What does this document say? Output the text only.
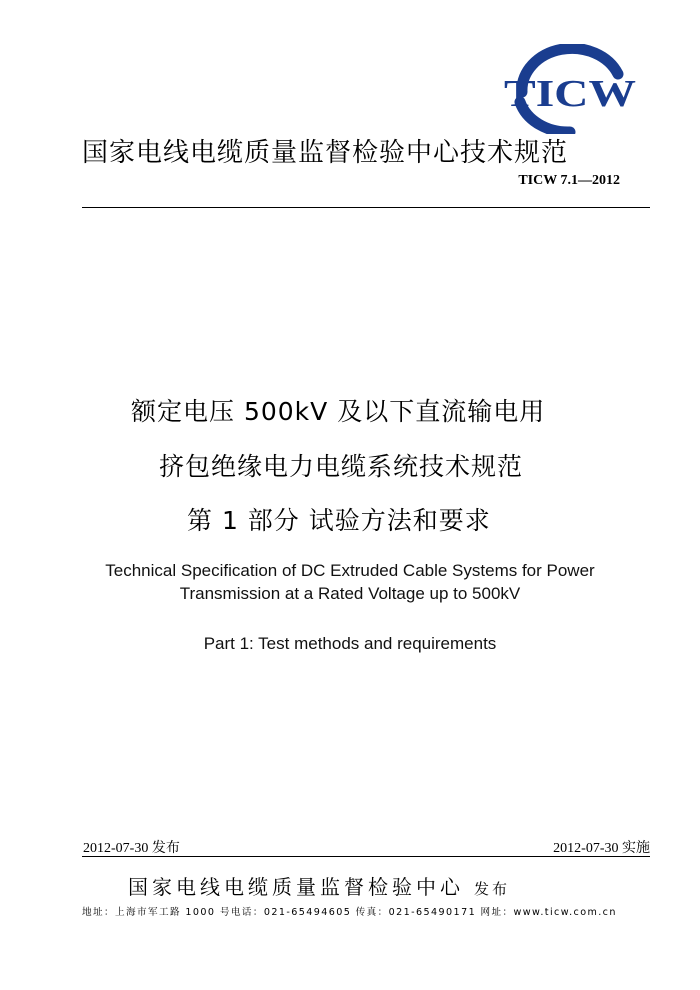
TICW
国家电线电缆质量监督检验中心技术规范
TICW 7.1—2012
额定电压 500kV 及以下直流输电用
挤包绝缘电力电缆系统技术规范
第 1 部分 试验方法和要求
Technical Specification of DC Extruded Cable Systems for Power
Transmission at a Rated Voltage up to 500kV
Part 1: Test methods and requirements
2012-07-30 发布	2012-07-30 实施
国家电线电缆质量监督检验中心 发布
地址：上海市军工路 1000 号电话：021-65494605 传真：021-65490171 网址：www.ticw.com.cn
